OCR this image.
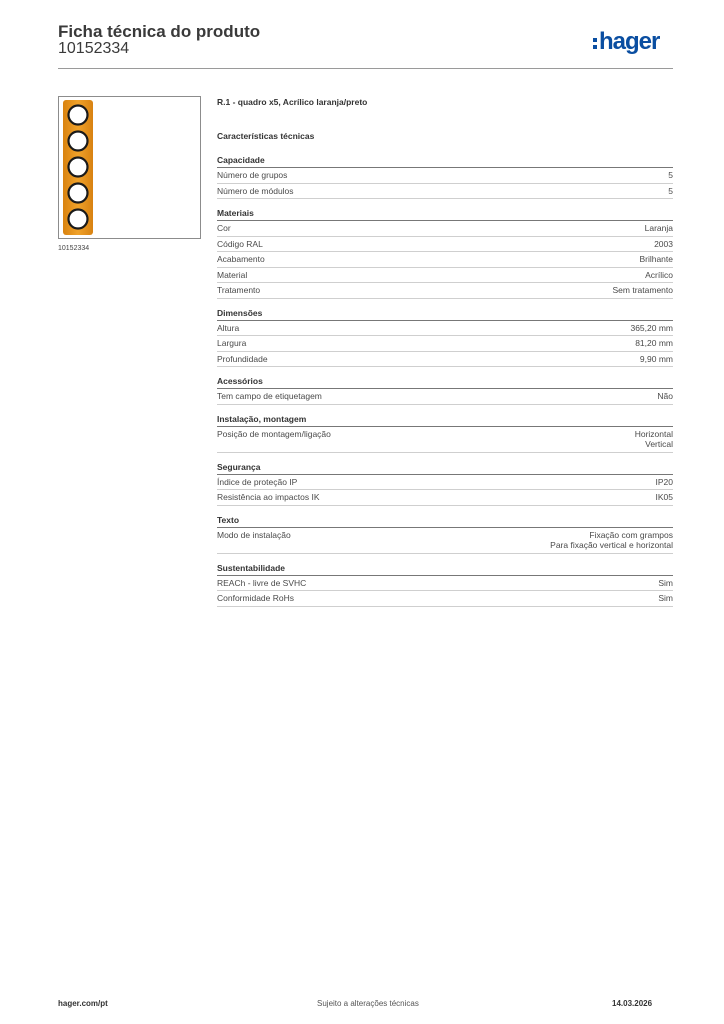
Ficha técnica do produto
10152334	hager
10152334
R.1 - quadro x5, Acrílico laranja/preto
Características técnicas
Capacidade
Número de grupos	5
Número de módulos	5
Materiais
Cor	Laranja
Código RAL	2003
Acabamento	Brilhante
Material	Acrílico
Tratamento	Sem tratamento
Dimensões
Altura	365,20 mm
Largura	81,20 mm
Profundidade	9,90 mm
Acessórios
Tem campo de etiquetagem	Não
Instalação, montagem
Posição de montagem/ligação	Horizontal
Vertical
Segurança
Índice de proteção IP	IP20
Resistência ao impactos IK	IK05
Texto
Modo de instalação	Fixação com grampos
Para fixação vertical e horizontal
Sustentabilidade
REACh - livre de SVHC	Sim
Conformidade RoHs	Sim
hager.com/pt	Sujeito a alterações técnicas	14.03.2026
